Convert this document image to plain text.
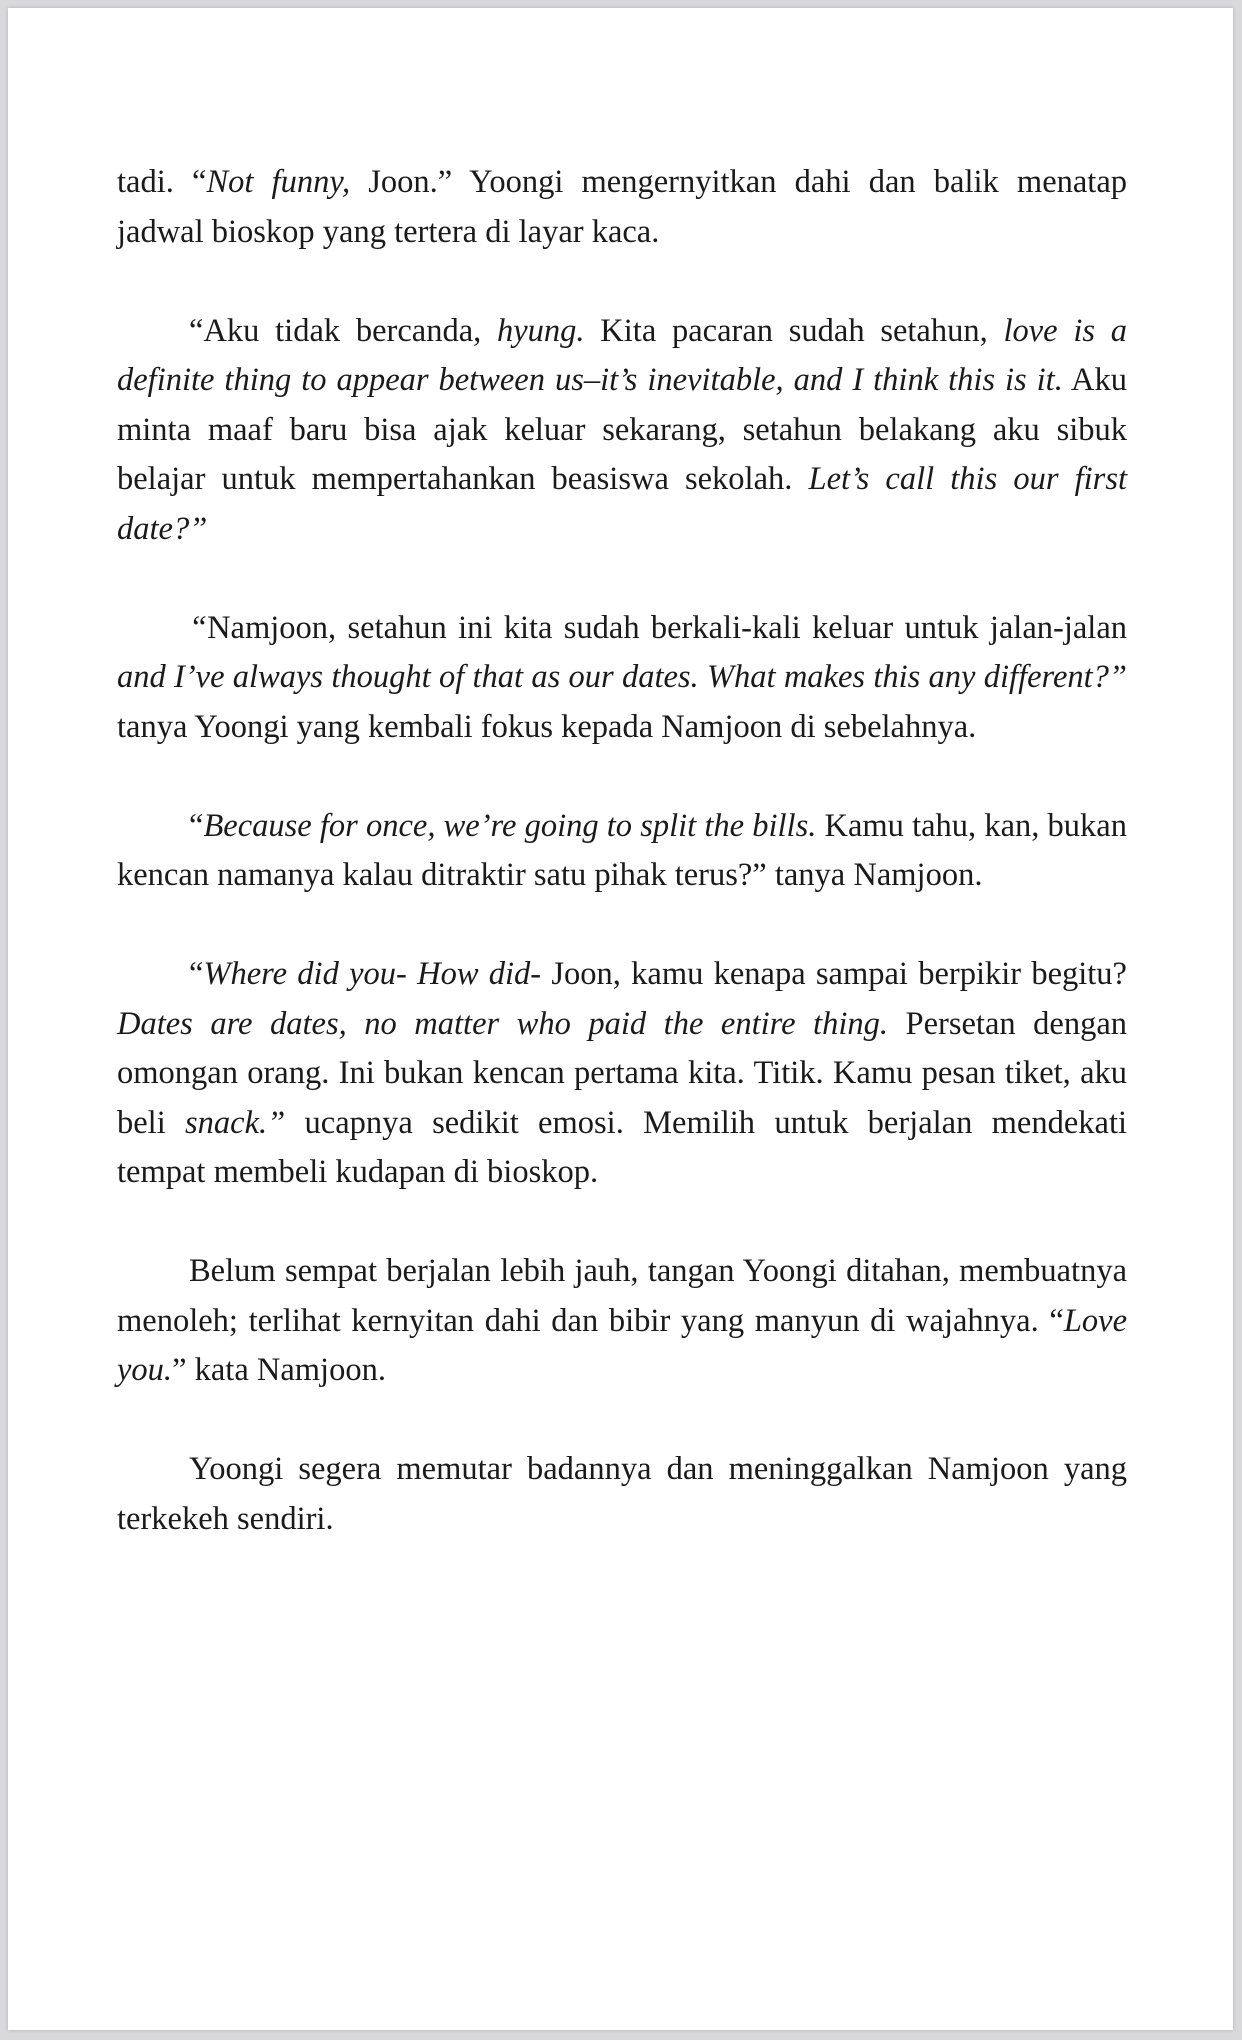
tadi. “Not funny, Joon.” Yoongi mengernyitkan dahi dan balik menatap jadwal bioskop yang tertera di layar kaca.

“Aku tidak bercanda, hyung. Kita pacaran sudah setahun, love is a definite thing to appear between us–it’s inevitable, and I think this is it. Aku minta maaf baru bisa ajak keluar sekarang, setahun belakang aku sibuk belajar untuk mempertahankan beasiswa sekolah. Let’s call this our first date?”

“Namjoon, setahun ini kita sudah berkali-kali keluar untuk jalan-jalan and I’ve always thought of that as our dates. What makes this any different?” tanya Yoongi yang kembali fokus kepada Namjoon di sebelahnya.

“Because for once, we’re going to split the bills. Kamu tahu, kan, bukan kencan namanya kalau ditraktir satu pihak terus?” tanya Namjoon.

“Where did you- How did- Joon, kamu kenapa sampai berpikir begitu? Dates are dates, no matter who paid the entire thing. Persetan dengan omongan orang. Ini bukan kencan pertama kita. Titik. Kamu pesan tiket, aku beli snack.” ucapnya sedikit emosi. Memilih untuk berjalan mendekati tempat membeli kudapan di bioskop.

Belum sempat berjalan lebih jauh, tangan Yoongi ditahan, membuatnya menoleh; terlihat kernyitan dahi dan bibir yang manyun di wajahnya. “Love you.” kata Namjoon.

Yoongi segera memutar badannya dan meninggalkan Namjoon yang terkekeh sendiri.
